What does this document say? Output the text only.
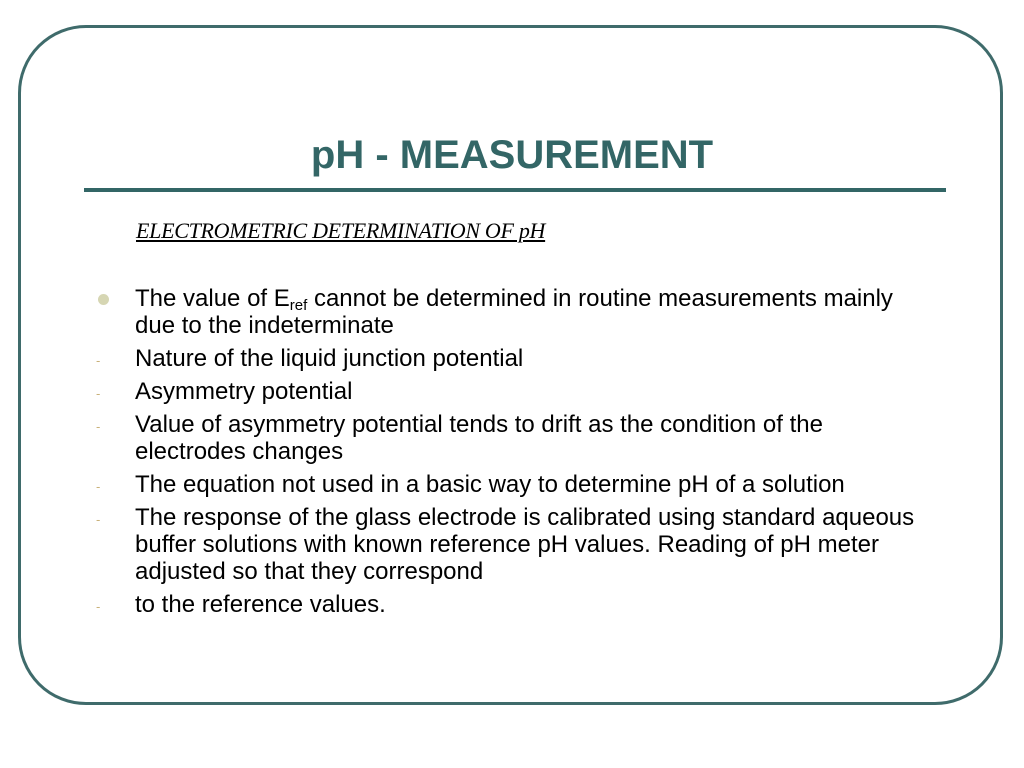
pH - MEASUREMENT
ELECTROMETRIC DETERMINATION OF pH
The value of $E_{ref}$ cannot be determined in routine measurements mainly due to the indeterminate
- Nature of the liquid junction potential
- Asymmetry potential
- Value of asymmetry potential tends to drift as the condition of the electrodes changes
- The equation not used in a basic way to determine pH of a solution
- The response of the glass electrode is calibrated using standard aqueous buffer solutions with known reference pH values. Reading of pH meter adjusted so that they correspond
- to the reference values.
